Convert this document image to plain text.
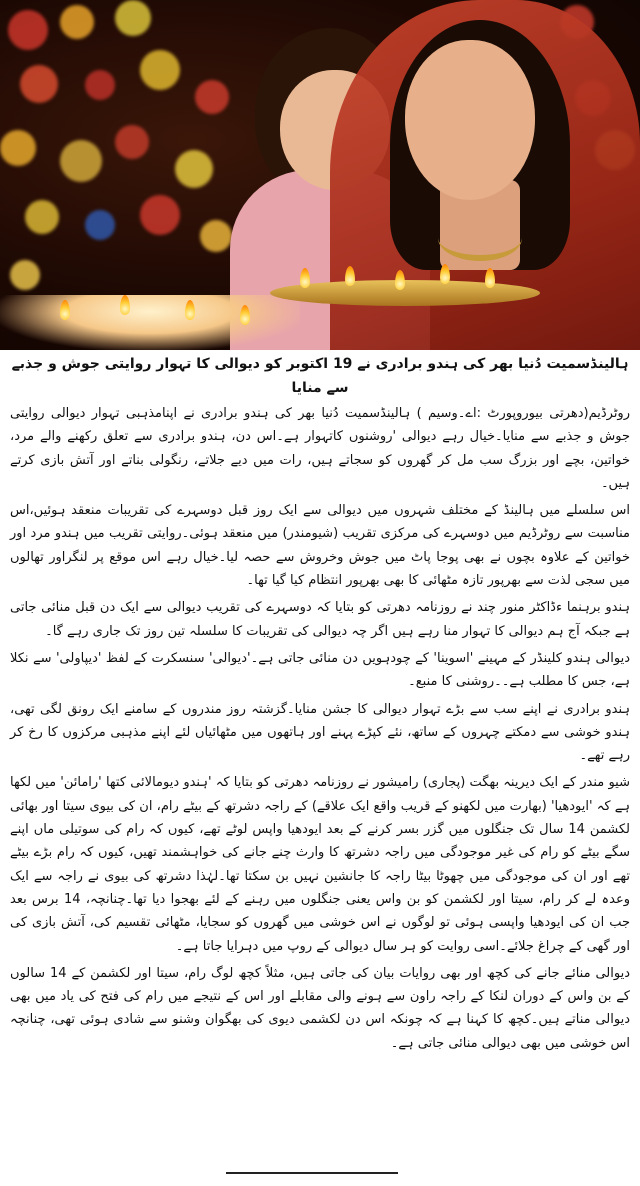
ہالینڈسمیت دُنیا بھر کی ہندو برادری نے 19 اکتوبر کو دیوالی کا تہوار روایتی جوش و جذبے سے منایا

روٹرڈیم(دھرتی بیوروپورٹ :اے۔وسیم ) ہالینڈسمیت دُنیا بھر کی ہندو برادری نے اپنامذہبی تہوار دیوالی روایتی جوش و جذبے سے منایا۔خیال رہے دیوالی 'روشنوں کاتہوار ہے۔اس دن، ہندو برادری سے تعلق رکھنے والے مرد، خواتین، بچے اور بزرگ سب مل کر گھروں کو سجاتے ہیں، رات میں دیے جلاتے، رنگولی بناتے اور آتش بازی کرتے ہیں۔

اس سلسلے میں ہالینڈ کے مختلف شہروں میں دیوالی سے ایک روز قبل دوسہرے کی تقریبات منعقد ہوئیں،اس مناسبت سے روٹرڈیم میں دوسہرے کی مرکزی تقریب (شیومندر) میں منعقد ہوئی۔روایتی تقریب میں ہندو مرد اور خواتین کے علاوہ بچوں نے بھی پوجا پاٹ میں جوش وخروش سے حصہ لیا۔خیال رہے اس موقع پر لنگراور تھالوں میں سجی لذت سے بھرپور تازہ مٹھائی کا بھی بھرپور انتظام کیا گیا تھا۔

ہندو برہنما ءڈاکٹر منور چند نے روزنامہ دھرتی کو بتایا کہ دوسہرے کی تقریب دیوالی سے ایک دن قبل منائی جاتی ہے جبکہ آج ہم دیوالی کا تہوار منا رہے ہیں اگر چہ دیوالی کی تقریبات کا سلسلہ تین روز تک جاری رہے گا۔

دیوالی ہندو کلینڈر کے مہینے 'اسوینا' کے چودہویں دن منائی جاتی ہے۔'دیوالی' سنسکرت کے لفظ 'دیپاولی' سے نکلا ہے، جس کا مطلب ہے۔۔روشنی کا منبع۔

ہندو برادری نے اپنے سب سے بڑے تہوار دیوالی کا جشن منایا۔گزشتہ روز مندروں کے سامنے ایک رونق لگی تھی، ہندو خوشی سے دمکتے چہروں کے ساتھ، نئے کپڑے پہنے اور ہاتھوں میں مٹھائیاں لئے اپنے مذہبی مرکزوں کا رخ کر رہے تھے۔

شیو مندر کے ایک دیرینہ بھگت (پجاری) رامیشور نے روزنامہ دھرتی کو بتایا کہ 'ہندو دیومالائی کتھا 'رامائن' میں لکھا ہے کہ 'ایودھیا' (بھارت میں لکھنو کے قریب واقع ایک علاقے) کے راجہ دشرتھ کے بیٹے رام، ان کی بیوی سیتا اور بھائی لکشمن 14 سال تک جنگلوں میں گزر بسر کرنے کے بعد ایودھیا واپس لوٹے تھے، کیوں کہ رام کی سوتیلی ماں اپنے سگے بیٹے کو رام کی غیر موجودگی میں راجہ دشرتھ کا وارث چنے جانے کی خواہشمند تھیں، کیوں کہ رام بڑے بیٹے تھے اور ان کی موجودگی میں چھوٹا بیٹا راجہ کا جانشین نہیں بن سکتا تھا۔لہٰذا دشرتھ کی بیوی نے راجہ سے ایک وعدہ لے کر رام، سیتا اور لکشمن کو بن واس یعنی جنگلوں میں رہنے کے لئے بھجوا دیا تھا۔چنانچہ، 14 برس بعد جب ان کی ایودھیا واپسی ہوئی تو لوگوں نے اس خوشی میں گھروں کو سجایا، مٹھائی تقسیم کی، آتش بازی کی اور گھی کے چراغ جلائے۔اسی روایت کو ہر سال دیوالی کے روپ میں دہرایا جاتا ہے۔

دیوالی منائے جانے کی کچھ اور بھی روایات بیان کی جاتی ہیں، مثلاً کچھ لوگ رام، سیتا اور لکشمن کے 14 سالوں کے بن واس کے دوران لنکا کے راجہ راون سے ہونے والی مقابلے اور اس کے نتیجے میں رام کی فتح کی یاد میں بھی دیوالی مناتے ہیں۔کچھ کا کہنا ہے کہ چونکہ اس دن لکشمی دیوی کی بھگوان وشنو سے شادی ہوئی تھی، چنانچہ اس خوشی میں بھی دیوالی منائی جاتی ہے۔
